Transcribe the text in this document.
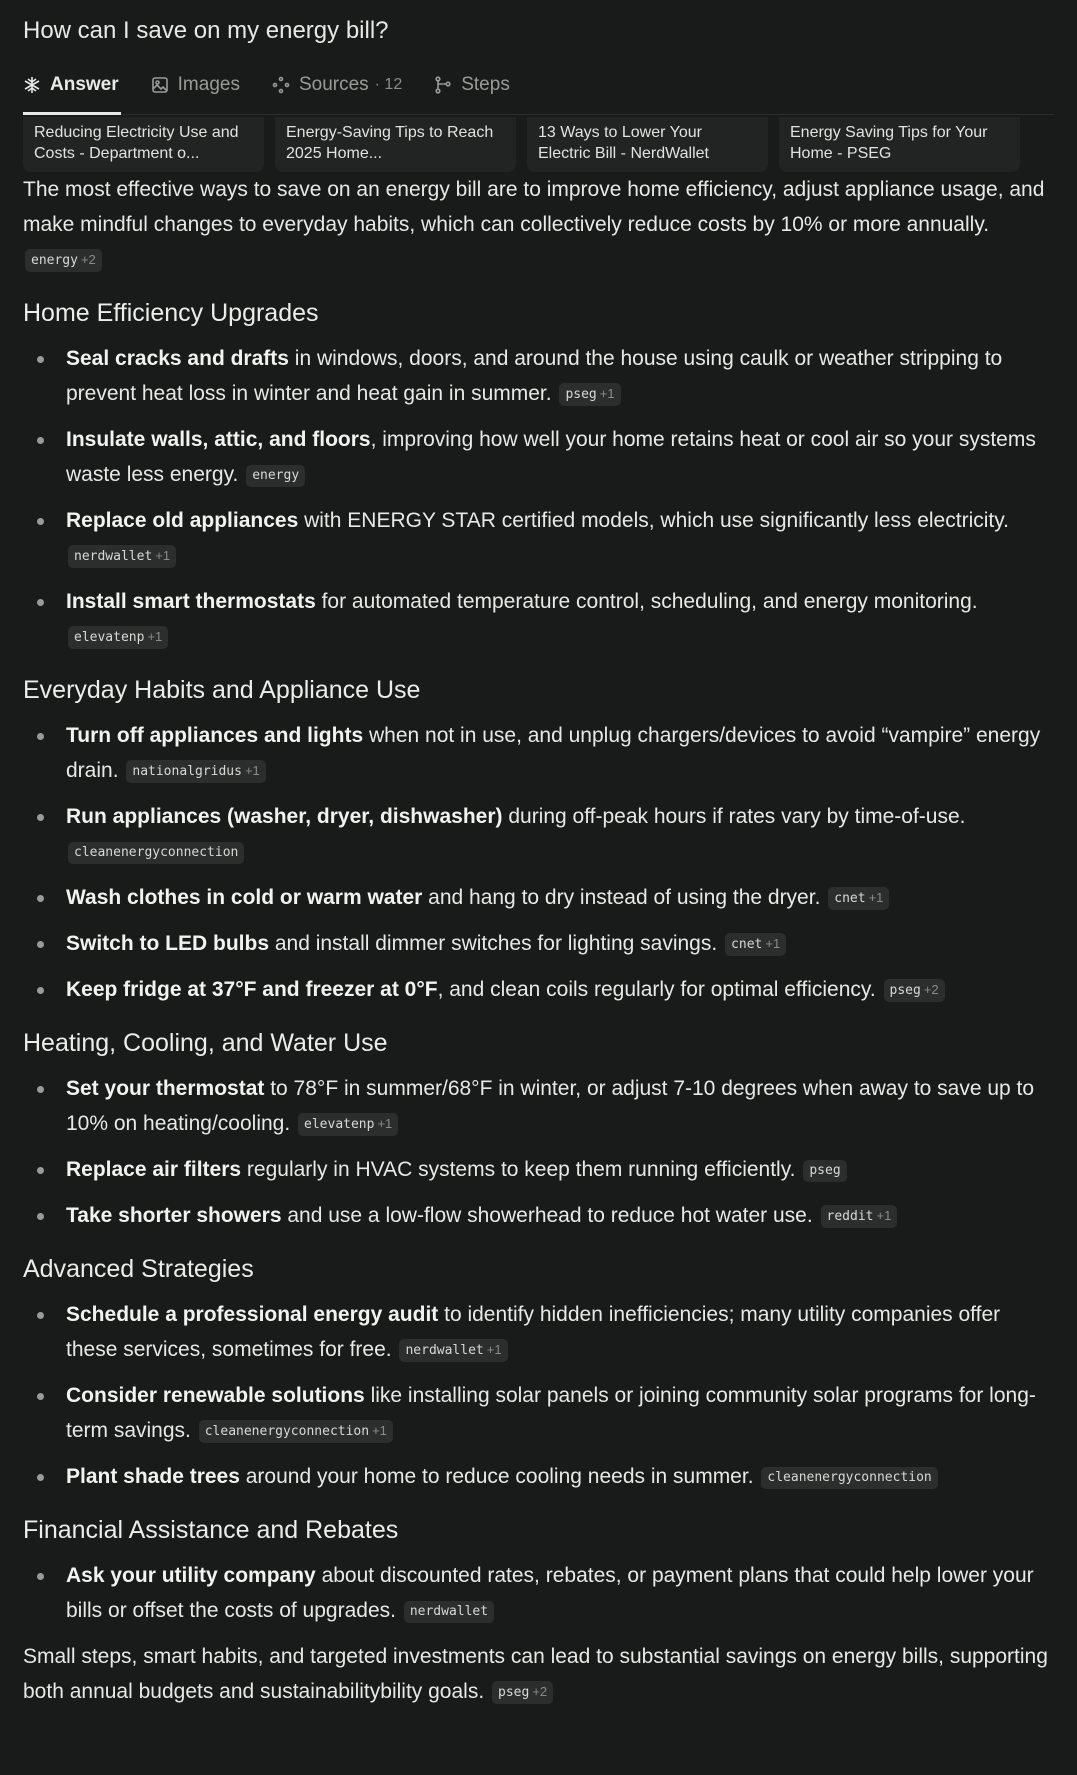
How can I save on my energy bill?
Answer	Images	Sources · 12	Steps
Reducing Electricity Use and Costs - Department o...
Energy-Saving Tips to Reach 2025 Home...
13 Ways to Lower Your Electric Bill - NerdWallet
Energy Saving Tips for Your Home - PSEG

The most effective ways to save on an energy bill are to improve home efficiency, adjust appliance usage, and make mindful changes to everyday habits, which can collectively reduce costs by 10% or more annually. energy +2

Home Efficiency Upgrades
Seal cracks and drafts in windows, doors, and around the house using caulk or weather stripping to prevent heat loss in winter and heat gain in summer. pseg +1
Insulate walls, attic, and floors, improving how well your home retains heat or cool air so your systems waste less energy. energy
Replace old appliances with ENERGY STAR certified models, which use significantly less electricity. nerdwallet +1
Install smart thermostats for automated temperature control, scheduling, and energy monitoring. elevatenp +1
Everyday Habits and Appliance Use
Turn off appliances and lights when not in use, and unplug chargers/devices to avoid “vampire” energy drain. nationalgridus +1
Run appliances (washer, dryer, dishwasher) during off-peak hours if rates vary by time-of-use. cleanenergyconnection
Wash clothes in cold or warm water and hang to dry instead of using the dryer. cnet +1
Switch to LED bulbs and install dimmer switches for lighting savings. cnet +1
Keep fridge at 37°F and freezer at 0°F, and clean coils regularly for optimal efficiency. pseg +2
Heating, Cooling, and Water Use
Set your thermostat to 78°F in summer/68°F in winter, or adjust 7-10 degrees when away to save up to 10% on heating/cooling. elevatenp +1
Replace air filters regularly in HVAC systems to keep them running efficiently. pseg
Take shorter showers and use a low-flow showerhead to reduce hot water use. reddit +1
Advanced Strategies
Schedule a professional energy audit to identify hidden inefficiencies; many utility companies offer these services, sometimes for free. nerdwallet +1
Consider renewable solutions like installing solar panels or joining community solar programs for long-term savings. cleanenergyconnection +1
Plant shade trees around your home to reduce cooling needs in summer. cleanenergyconnection
Financial Assistance and Rebates
Ask your utility company about discounted rates, rebates, or payment plans that could help lower your bills or offset the costs of upgrades. nerdwallet

Small steps, smart habits, and targeted investments can lead to substantial savings on energy bills, supporting both annual budgets and sustainabilitybility goals. pseg +2
